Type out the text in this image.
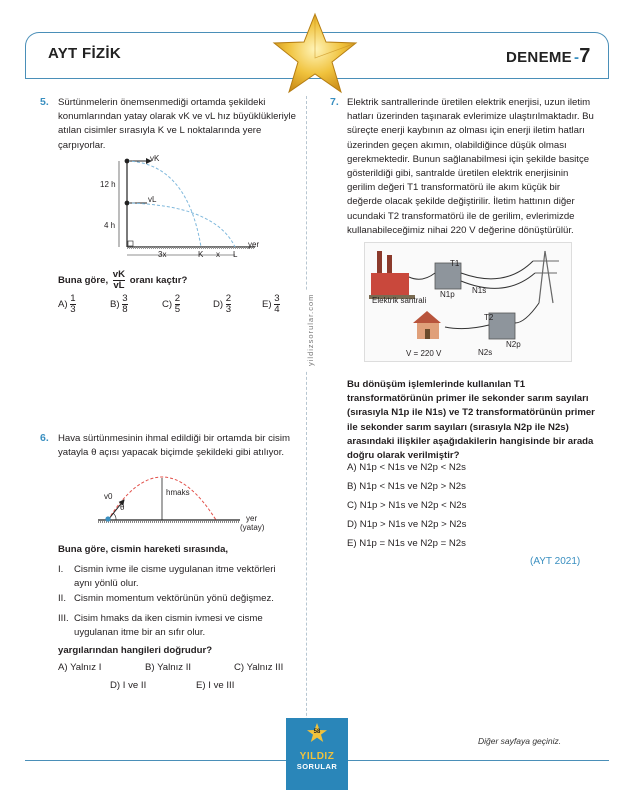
AYT FİZİK	DENEME -7
yildizsorular.com
5. Sürtünmelerin önemsenmediği ortamda şekildeki konumlarından yatay olarak vK ve vL hız büyüklükleriyle atılan cisimler sırasıyla K ve L noktalarında yere çarpıyorlar.
vK
vL
12 h
4 h
3x	K x L
yer
Buna göre, $\frac{vK}{vL}$ oranı kaçtır?
$A) \frac{1}{3}$	$B) \frac{3}{8}$	$C) \frac{2}{5}$	$D) \frac{2}{3}$	$E) \frac{3}{4}$
6. Hava sürtünmesinin ihmal edildiği bir ortamda bir cisim yatayla θ açısı yapacak biçimde şekildeki gibi atılıyor.
v0
θ
hmaks
yer
(yatay)
Buna göre, cismin hareketi sırasında,
I. Cismin ivme ile cisme uygulanan itme vektörleri aynı yönlü olur.
II. Cismin momentum vektörünün yönü değişmez.
III. Cisim hmaks da iken cismin ivmesi ve cisme uygulanan itme bir an sıfır olur.
yargılarından hangileri doğrudur?
A) Yalnız I	B) Yalnız II	C) Yalnız III
D) I ve II	E) I ve III
7. Elektrik santrallerinde üretilen elektrik enerjisi, uzun iletim hatları üzerinden taşınarak evlerimize ulaştırılmaktadır. Bu süreçte enerji kaybının az olması için enerji iletim hatları üzerinden geçen akımın, olabildiğince düşük olması gerekmektedir. Bunun sağlanabilmesi için şekilde basitçe gösterildiği gibi, santralde üretilen elektrik enerjisinin gerilim değeri T1 transformatörü ile akım küçük bir değerde olacak şekilde değiştirilir. İletim hattının diğer ucundaki T2 transformatörü ile de gerilim, evlerimizde kullanabileceğimiz nihai 220 V değerine dönüştürülür.
Elektrik santrali
T1
N1p N1s
T2
N2s
N2p
V = 220 V
Bu dönüşüm işlemlerinde kullanılan T1 transformatörünün primer ile sekonder sarım sayıları (sırasıyla N1p ile N1s) ve T2 transformatörünün primer ile sekonder sarım sayıları (sırasıyla N2p ile N2s) arasındaki ilişkiler aşağıdakilerin hangisinde bir arada doğru olarak verilmiştir?
A) N1p < N1s ve N2p < N2s
B) N1p < N1s ve N2p > N2s
C) N1p > N1s ve N2p < N2s
D) N1p > N1s ve N2p > N2s
E) N1p = N1s ve N2p = N2s
(AYT 2021)
58
YILDIZ
SORULAR
Diğer sayfaya geçiniz.
